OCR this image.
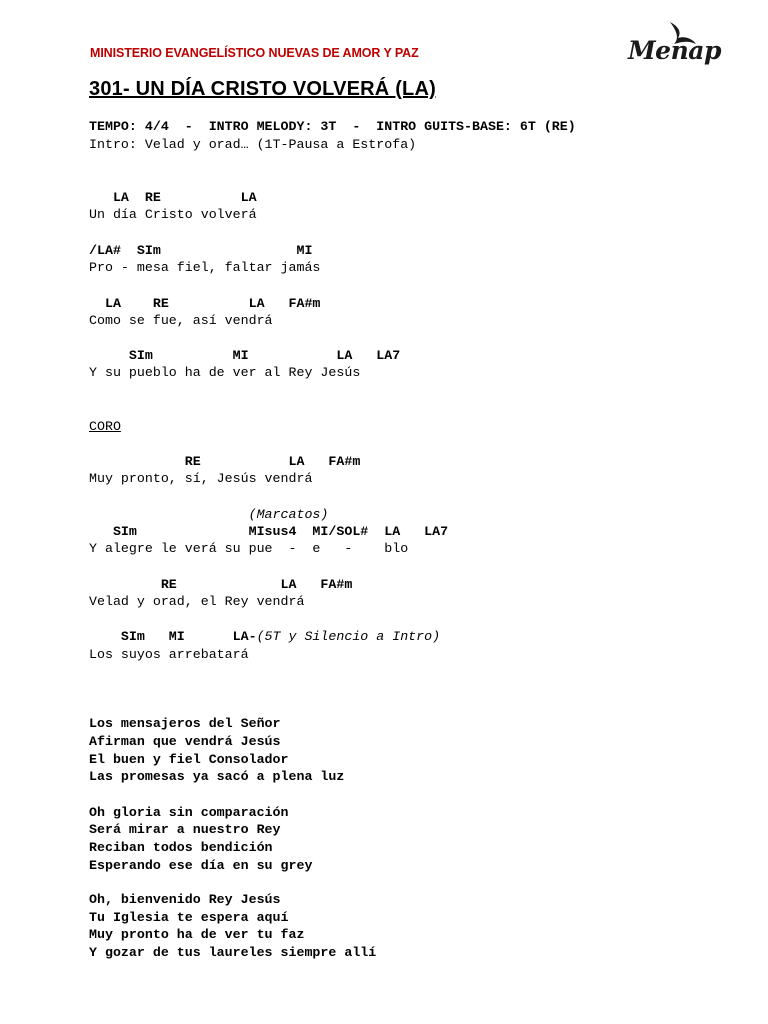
MINISTERIO EVANGELÍSTICO NUEVAS DE AMOR Y PAZ	Menap
301- UN DÍA CRISTO VOLVERÁ (LA)
TEMPO: 4/4  -  INTRO MELODY: 3T  -  INTRO GUITS-BASE: 6T (RE)
Intro: Velad y orad… (1T-Pausa a Estrofa)
LA  RE          LA
Un día Cristo volverá
/LA#  SIm                 MI
Pro - mesa fiel, faltar jamás
LA    RE          LA   FA#m
Como se fue, así vendrá
SIm          MI           LA   LA7
Y su pueblo ha de ver al Rey Jesús
CORO
RE           LA   FA#m
Muy pronto, sí, Jesús vendrá
(Marcatos)
SIm              MIsus4  MI/SOL#  LA   LA7
Y alegre le verá su pue  -  e   -    blo
RE             LA   FA#m
Velad y orad, el Rey vendrá
SIm   MI      LA-(5T y Silencio a Intro)
Los suyos arrebatará
Los mensajeros del Señor
Afirman que vendrá Jesús
El buen y fiel Consolador
Las promesas ya sacó a plena luz
Oh gloria sin comparación
Será mirar a nuestro Rey
Reciban todos bendición
Esperando ese día en su grey
Oh, bienvenido Rey Jesús
Tu Iglesia te espera aquí
Muy pronto ha de ver tu faz
Y gozar de tus laureles siempre allí
